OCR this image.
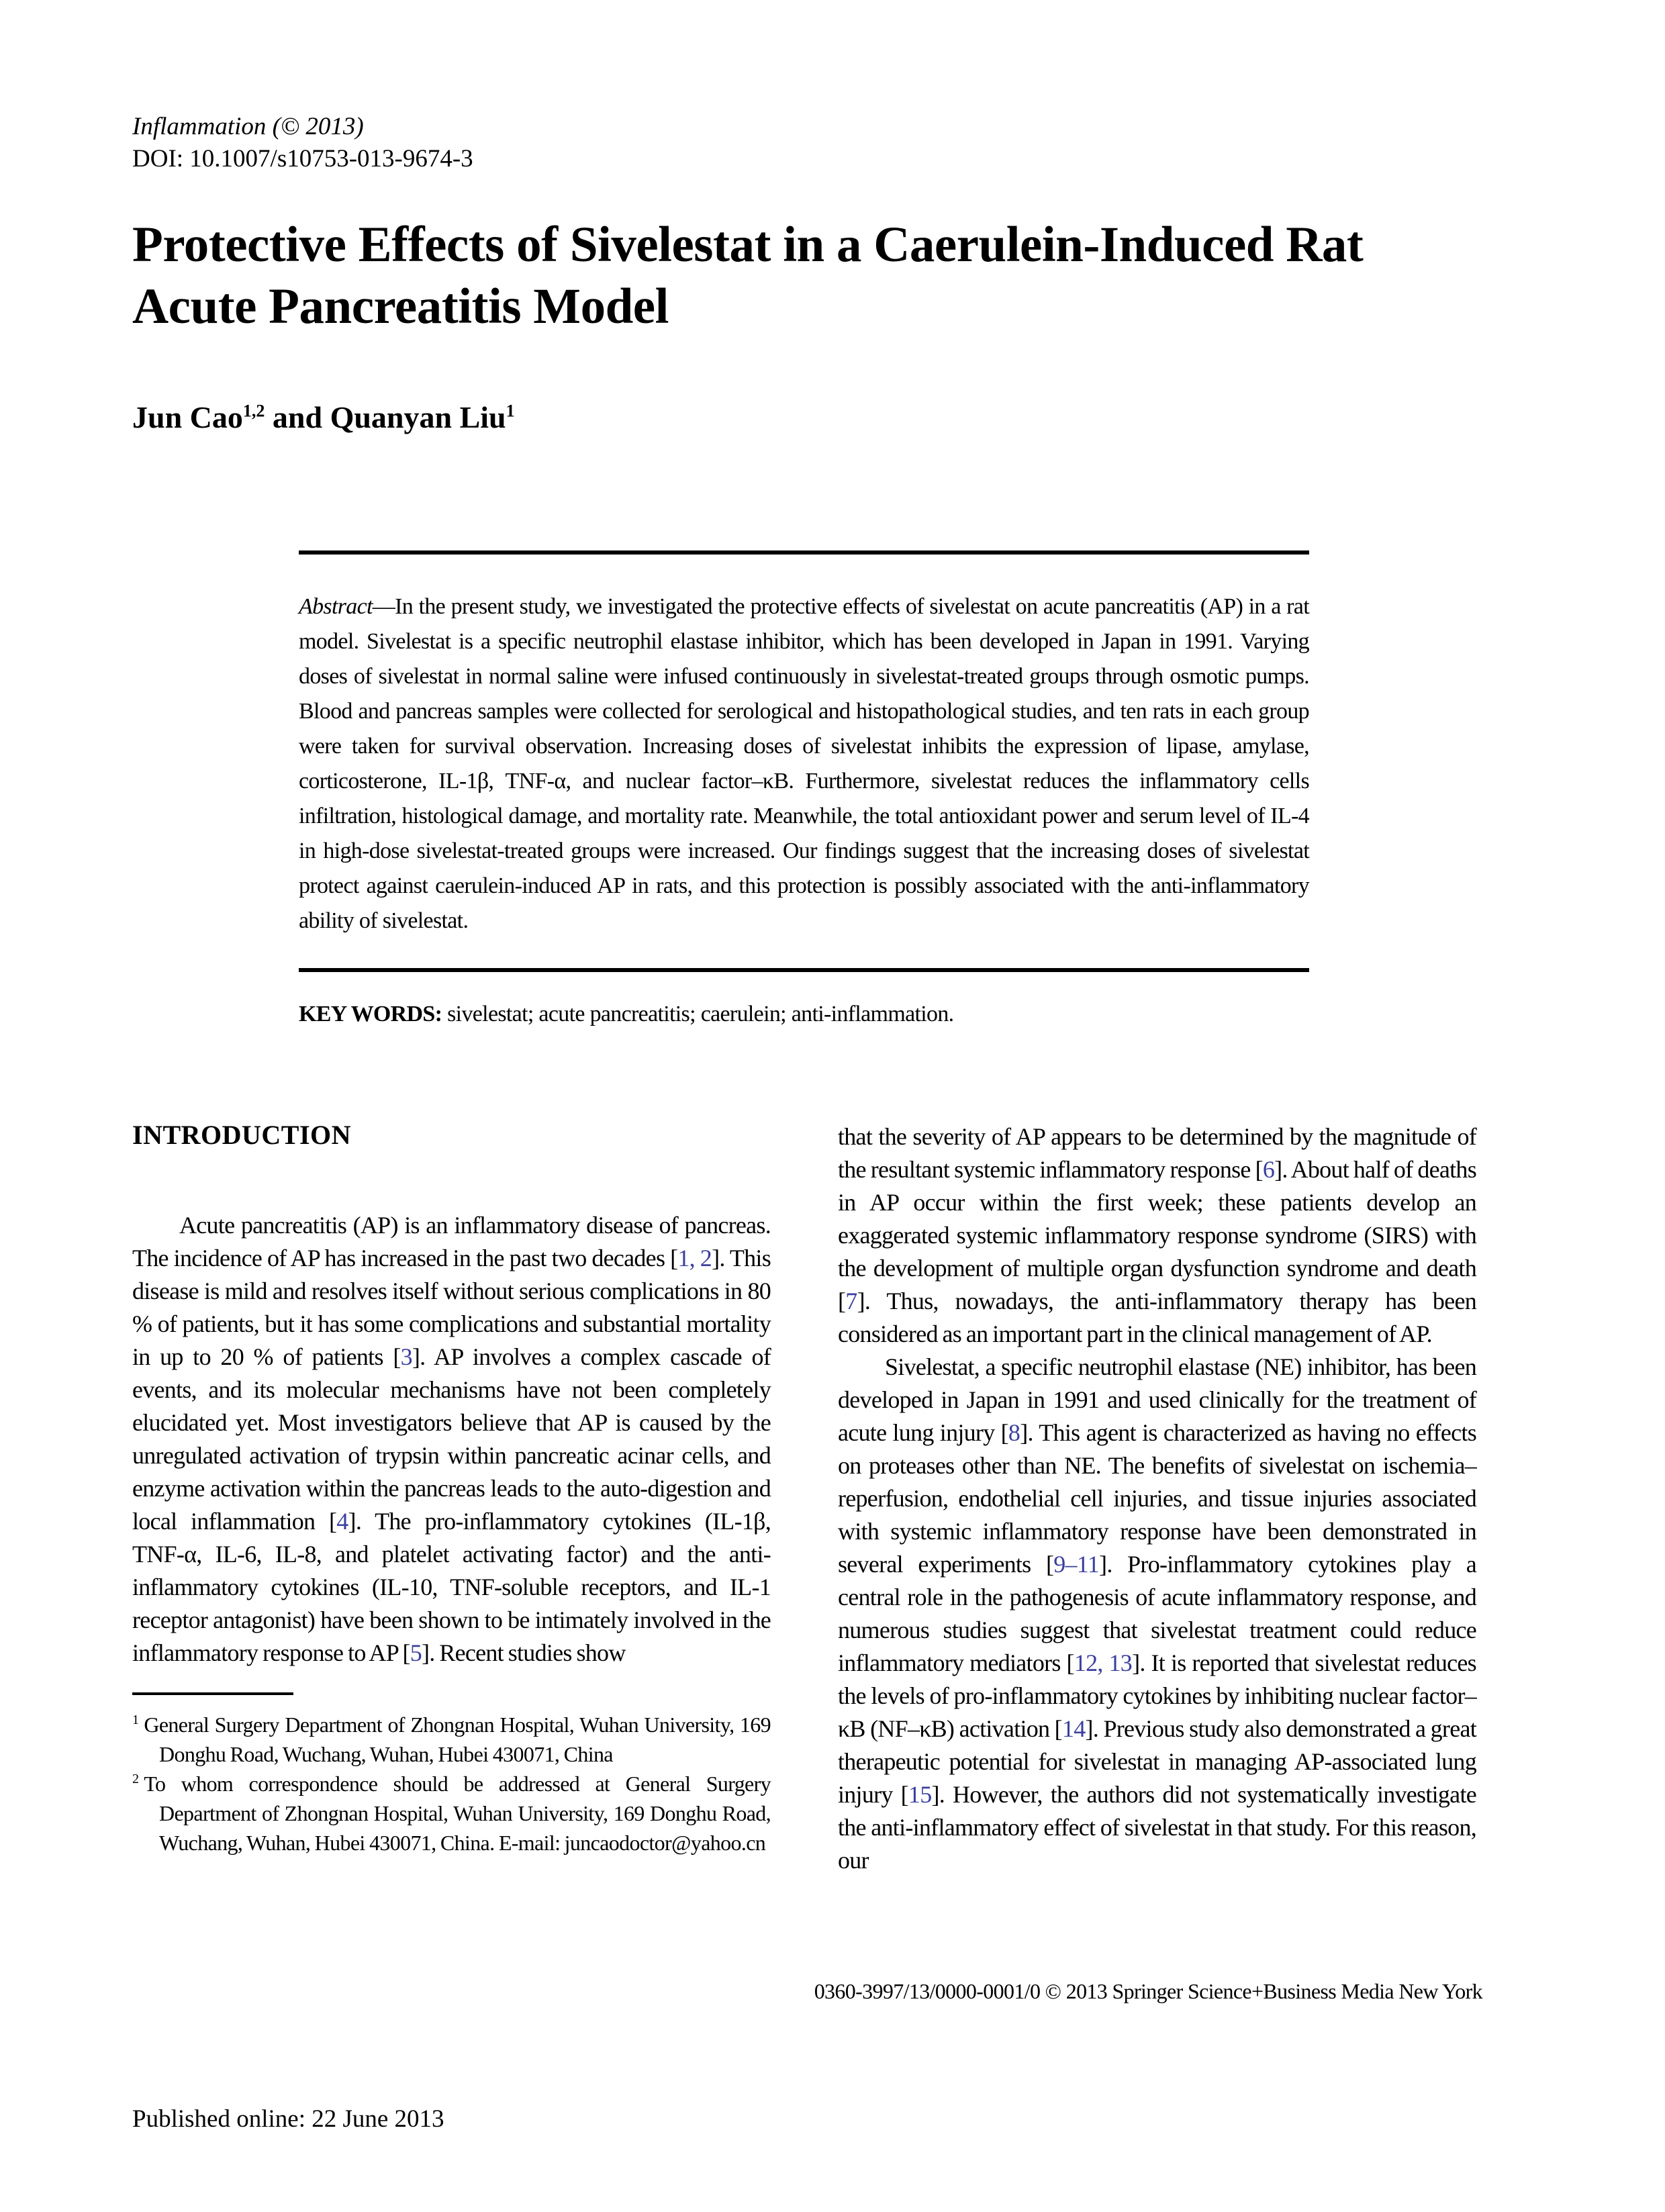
Inflammation (© 2013)
DOI: 10.1007/s10753-013-9674-3
Protective Effects of Sivelestat in a Caerulein-Induced Rat Acute Pancreatitis Model
Jun Cao$^{1,2}$ and Quanyan Liu$^1$

Abstract—In the present study, we investigated the protective effects of sivelestat on acute pancreatitis (AP) in a rat model. Sivelestat is a specific neutrophil elastase inhibitor, which has been developed in Japan in 1991. Varying doses of sivelestat in normal saline were infused continuously in sivelestat-treated groups through osmotic pumps. Blood and pancreas samples were collected for serological and histopathological studies, and ten rats in each group were taken for survival observation. Increasing doses of sivelestat inhibits the expression of lipase, amylase, corticosterone, IL-1β, TNF-α, and nuclear factor–κB. Furthermore, sivelestat reduces the inflammatory cells infiltration, histological damage, and mortality rate. Meanwhile, the total antioxidant power and serum level of IL-4 in high-dose sivelestat-treated groups were increased. Our findings suggest that the increasing doses of sivelestat protect against caerulein-induced AP in rats, and this protection is possibly associated with the anti-inflammatory ability of sivelestat.

KEY WORDS: sivelestat; acute pancreatitis; caerulein; anti-inflammation.

INTRODUCTION

Acute pancreatitis (AP) is an inflammatory disease of pancreas. The incidence of AP has increased in the past two decades [1, 2]. This disease is mild and resolves itself without serious complications in 80 % of patients, but it has some complications and substantial mortality in up to 20 % of patients [3]. AP involves a complex cascade of events, and its molecular mechanisms have not been completely elucidated yet. Most investigators believe that AP is caused by the unregulated activation of trypsin within pancreatic acinar cells, and enzyme activation within the pancreas leads to the auto-digestion and local inflammation [4]. The pro-inflammatory cytokines (IL-1β, TNF-α, IL-6, IL-8, and platelet activating factor) and the anti-inflammatory cytokines (IL-10, TNF-soluble receptors, and IL-1 receptor antagonist) have been shown to be intimately involved in the inflammatory response to AP [5]. Recent studies show

$^1$ General Surgery Department of Zhongnan Hospital, Wuhan University, 169 Donghu Road, Wuchang, Wuhan, Hubei 430071, China

$^2$ To whom correspondence should be addressed at General Surgery Department of Zhongnan Hospital, Wuhan University, 169 Donghu Road, Wuchang, Wuhan, Hubei 430071, China. E-mail: juncaodoctor@yahoo.cn

that the severity of AP appears to be determined by the magnitude of the resultant systemic inflammatory response [6]. About half of deaths in AP occur within the first week; these patients develop an exaggerated systemic inflammatory response syndrome (SIRS) with the development of multiple organ dysfunction syndrome and death [7]. Thus, nowadays, the anti-inflammatory therapy has been considered as an important part in the clinical management of AP.

Sivelestat, a specific neutrophil elastase (NE) inhibitor, has been developed in Japan in 1991 and used clinically for the treatment of acute lung injury [8]. This agent is characterized as having no effects on proteases other than NE. The benefits of sivelestat on ischemia–reperfusion, endothelial cell injuries, and tissue injuries associated with systemic inflammatory response have been demonstrated in several experiments [9–11]. Pro-inflammatory cytokines play a central role in the pathogenesis of acute inflammatory response, and numerous studies suggest that sivelestat treatment could reduce inflammatory mediators [12, 13]. It is reported that sivelestat reduces the levels of pro-inflammatory cytokines by inhibiting nuclear factor–κB (NF–κB) activation [14]. Previous study also demonstrated a great therapeutic potential for sivelestat in managing AP-associated lung injury [15]. However, the authors did not systematically investigate the anti-inflammatory effect of sivelestat in that study. For this reason, our

0360-3997/13/0000-0001/0 © 2013 Springer Science+Business Media New York
Published online: 22 June 2013
